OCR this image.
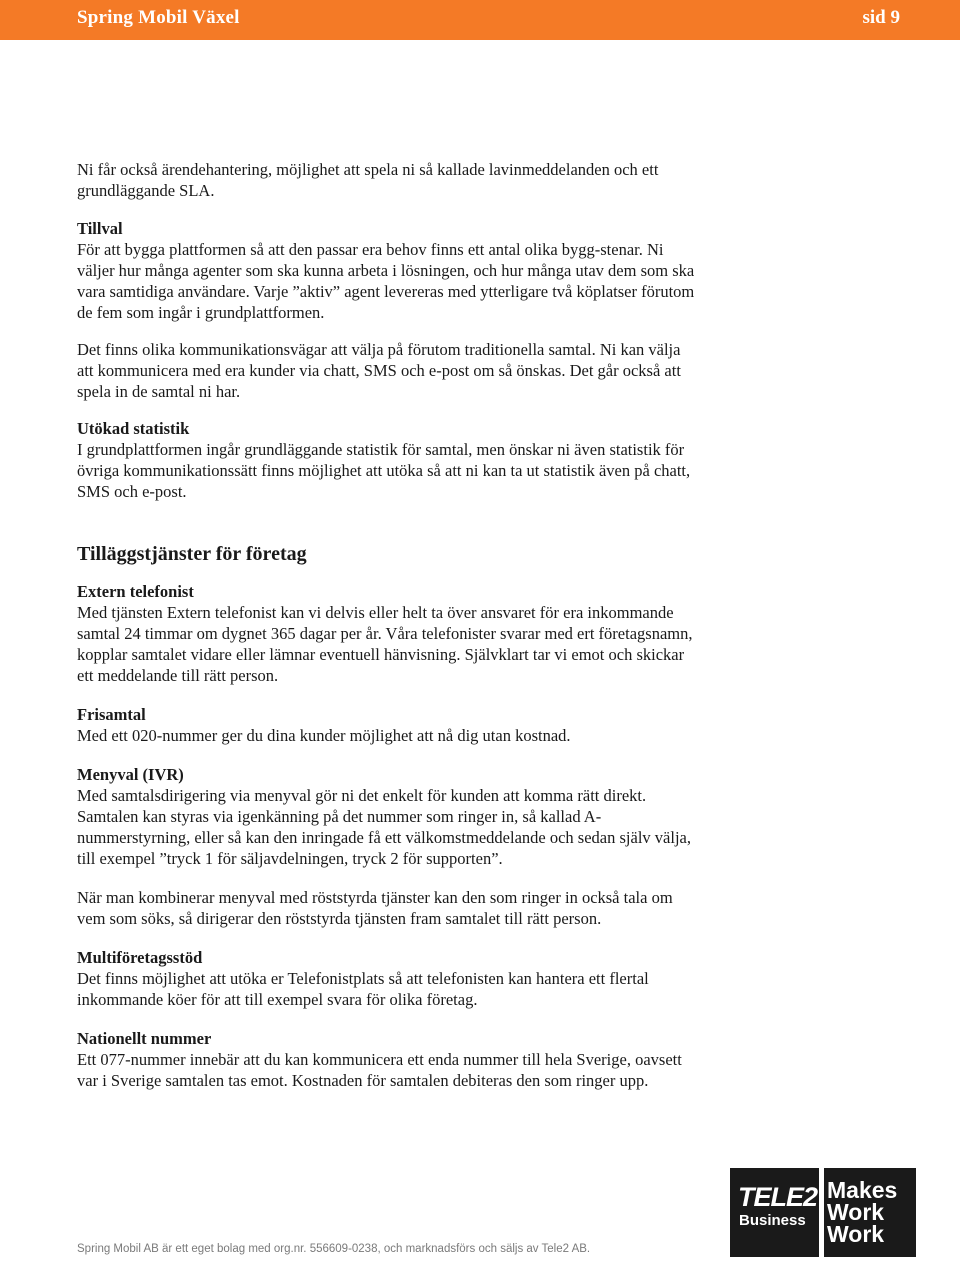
Spring Mobil Växel	sid 9

Ni får också ärendehantering, möjlighet att spela ni så kallade lavinmeddelanden och ett grundläggande SLA.

Tillval
För att bygga plattformen så att den passar era behov finns ett antal olika bygg-stenar. Ni väljer hur många agenter som ska kunna arbeta i lösningen, och hur många utav dem som ska vara samtidiga användare. Varje ”aktiv” agent levereras med ytterligare två köplatser förutom de fem som ingår i grundplattformen.

Det finns olika kommunikationsvägar att välja på förutom traditionella samtal. Ni kan välja att kommunicera med era kunder via chatt, SMS och e-post om så önskas. Det går också att spela in de samtal ni har.

Utökad statistik
I grundplattformen ingår grundläggande statistik för samtal, men önskar ni även statistik för övriga kommunikationssätt finns möjlighet att utöka så att ni kan ta ut statistik även på chatt, SMS och e-post.

Tilläggstjänster för företag

Extern telefonist
Med tjänsten Extern telefonist kan vi delvis eller helt ta över ansvaret för era inkommande samtal 24 timmar om dygnet 365 dagar per år. Våra telefonister svarar med ert företagsnamn, kopplar samtalet vidare eller lämnar eventuell hänvisning. Självklart tar vi emot och skickar ett meddelande till rätt person.

Frisamtal
Med ett 020-nummer ger du dina kunder möjlighet att nå dig utan kostnad.

Menyval (IVR)
Med samtalsdirigering via menyval gör ni det enkelt för kunden att komma rätt direkt. Samtalen kan styras via igenkänning på det nummer som ringer in, så kallad A-nummerstyrning, eller så kan den inringade få ett välkomstmeddelande och sedan själv välja, till exempel ”tryck 1 för säljavdelningen, tryck 2 för supporten”.

När man kombinerar menyval med röststyrda tjänster kan den som ringer in också tala om vem som söks, så dirigerar den röststyrda tjänsten fram samtalet till rätt person.

Multiföretagsstöd
Det finns möjlighet att utöka er Telefonistplats så att telefonisten kan hantera ett flertal inkommande köer för att till exempel svara för olika företag.

Nationellt nummer
Ett 077-nummer innebär att du kan kommunicera ett enda nummer till hela Sverige, oavsett var i Sverige samtalen tas emot. Kostnaden för samtalen debiteras den som ringer upp.

Spring Mobil AB är ett eget bolag med org.nr. 556609-0238, och marknadsförs och säljs av Tele2 AB.
TELE2
Business
Makes
Work
Work
